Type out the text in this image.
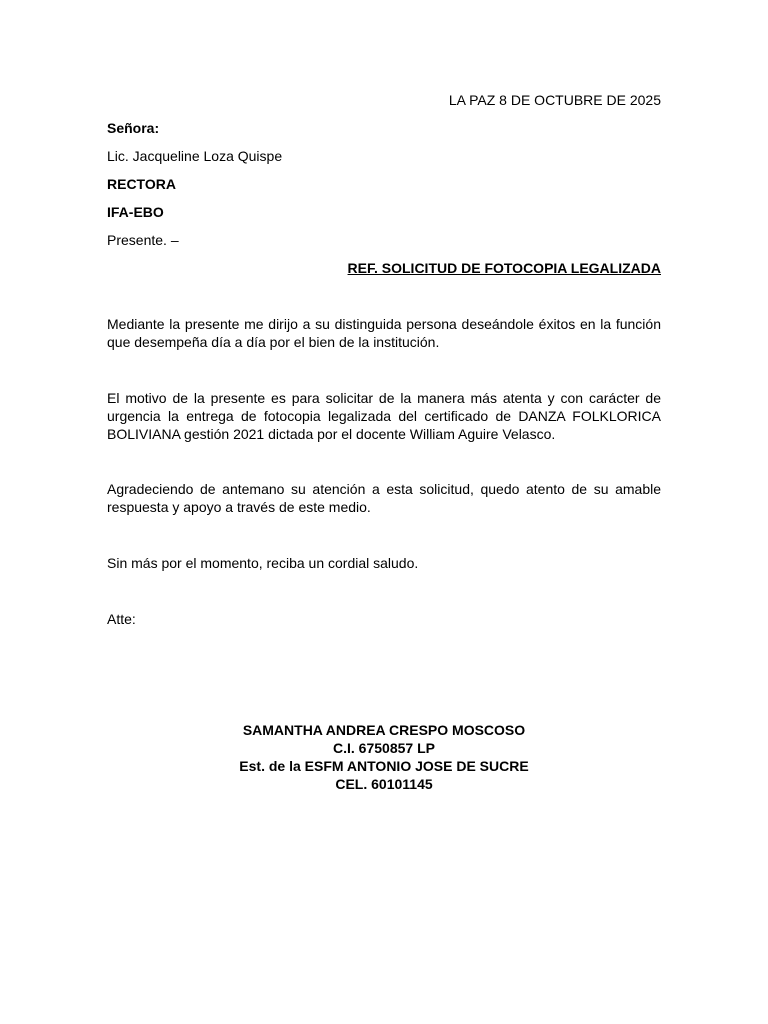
LA PAZ 8 DE OCTUBRE DE 2025
Señora:
Lic. Jacqueline Loza Quispe
RECTORA
IFA-EBO
Presente. –
REF. SOLICITUD DE FOTOCOPIA LEGALIZADA
Mediante la presente me dirijo a su distinguida persona deseándole éxitos en la función que desempeña día a día por el bien de la institución.
El motivo de la presente es para solicitar de la manera más atenta y con carácter de urgencia la entrega de fotocopia legalizada del certificado de DANZA FOLKLORICA BOLIVIANA gestión 2021 dictada por el docente William Aguire Velasco.
Agradeciendo de antemano su atención a esta solicitud, quedo atento de su amable respuesta y apoyo a través de este medio.
Sin más por el momento, reciba un cordial saludo.
Atte:
SAMANTHA ANDREA CRESPO MOSCOSO
C.I. 6750857 LP
Est. de la ESFM ANTONIO JOSE DE SUCRE
CEL. 60101145
